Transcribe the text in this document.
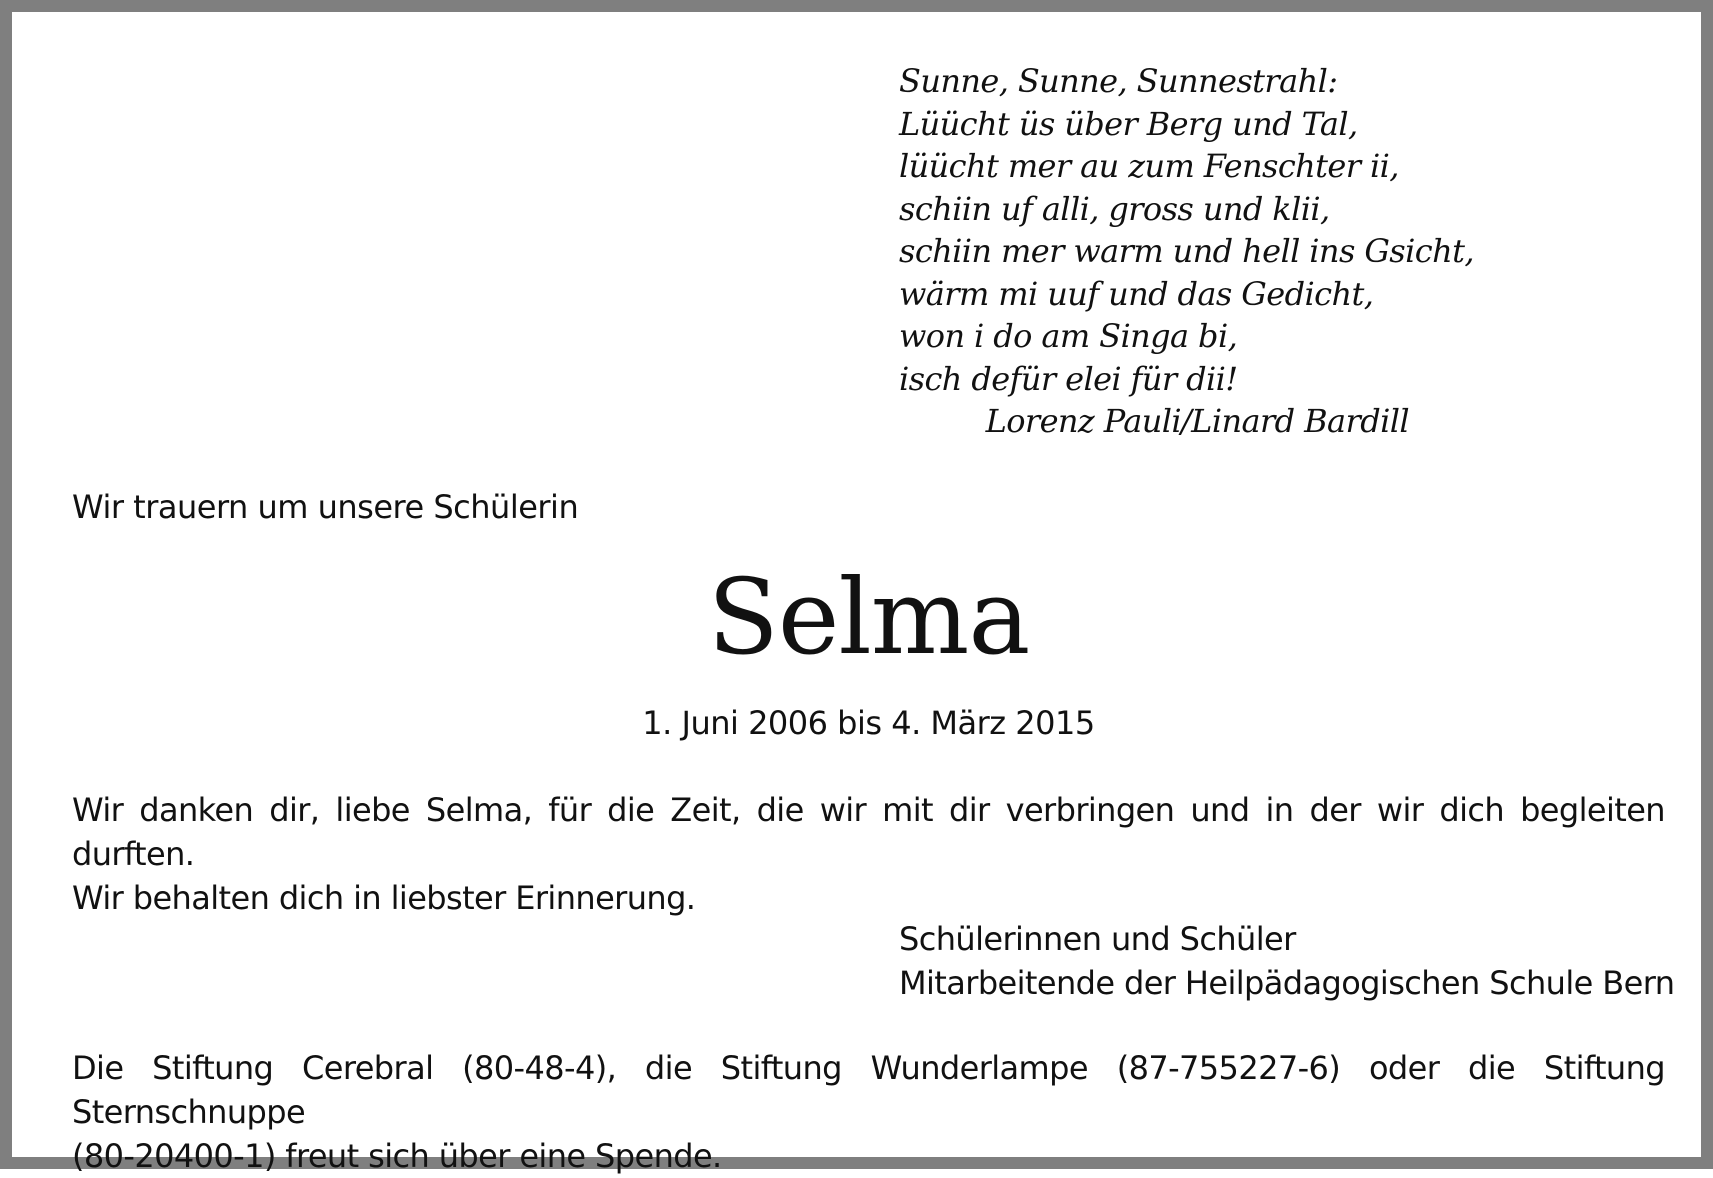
Sunne, Sunne, Sunnestrahl:
Lüücht üs über Berg und Tal,
lüücht mer au zum Fenschter ii,
schiin uf alli, gross und klii,
schiin mer warm und hell ins Gsicht,
wärm mi uuf und das Gedicht,
won i do am Singa bi,
isch defür elei für dii!
Lorenz Pauli/Linard Bardill
Wir trauern um unsere Schülerin
Selma
1. Juni 2006 bis 4. März 2015
Wir danken dir, liebe Selma, für die Zeit, die wir mit dir verbringen und in der wir dich begleiten durften.
Wir behalten dich in liebster Erinnerung.
Schülerinnen und Schüler
Mitarbeitende der Heilpädagogischen Schule Bern
Die Stiftung Cerebral (80-48-4), die Stiftung Wunderlampe (87-755227-6) oder die Stiftung Sternschnuppe
(80-20400-1) freut sich über eine Spende.
